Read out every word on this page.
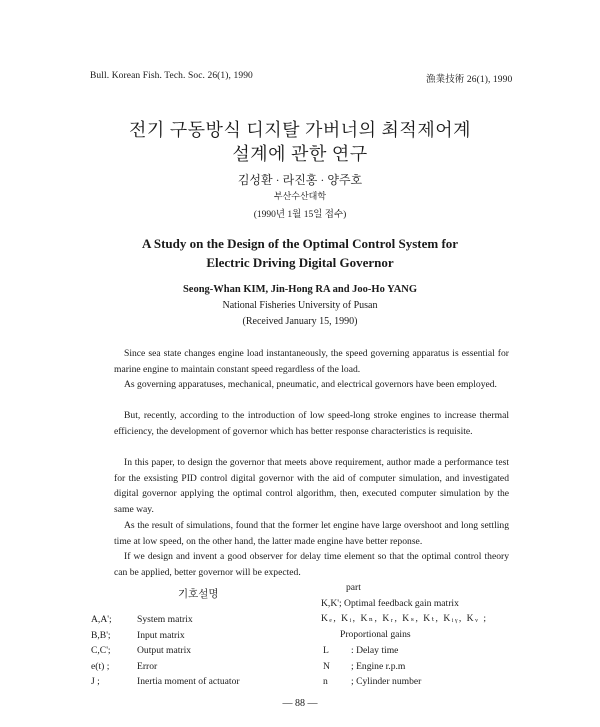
Bull. Korean Fish. Tech. Soc. 26(1), 1990	漁業技術 26(1), 1990
전기 구동방식 디지탈 가버너의 최적제어계
설계에 관한 연구
김성환 · 라진홍 · 양주호
부산수산대학
(1990년 1월 15일 접수)
A Study on the Design of the Optimal Control System for
Electric Driving Digital Governor
Seong-Whan KIM, Jin-Hong RA and Joo-Ho YANG
National Fisheries University of Pusan
(Received January 15, 1990)

Since sea state changes engine load instantaneously, the speed governing apparatus is essential for marine engine to maintain constant speed regardless of the load.

As governing apparatuses, mechanical, pneumatic, and electrical governors have been employed.

But, recently, according to the introduction of low speed-long stroke engines to increase thermal efficiency, the development of governor which has better response characteristics is requisite.

In this paper, to design the governor that meets above requirement, author made a performance test for the exsisting PID control digital governor with the aid of computer simulation, and investigated digital governor applying the optimal control algorithm, then, executed computer simulation by the same way.

As the result of simulations, found that the former let engine have large overshoot and long settling time at low speed, on the other hand, the latter made engine have better reponse.

If we design and invent a good observer for delay time element so that the optimal control theory can be applied, better governor will be expected.

기호설명
A,A';	System matrix
B,B';	Input matrix
C,C';	Output matrix
e(t) ;	Error
J ;	Inertia moment of actuator
part
K,K'; Optimal feedback gain matrix
Kₑ, Kᵢ, Kₙ, Kᵣ, Kₛ, Kₜ, Kᵢᵧ, Kᵥ ;
Proportional gains
L	: Delay time
N	; Engine r.p.m
n	; Cylinder number
— 88 —
